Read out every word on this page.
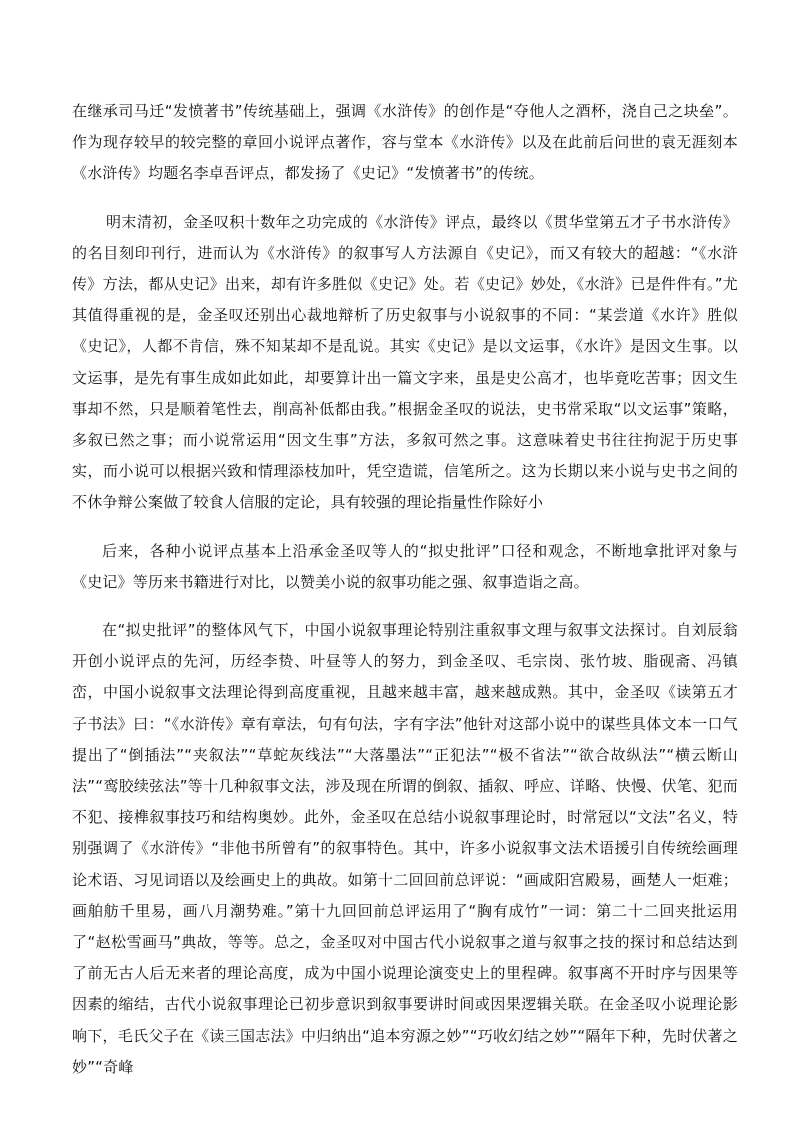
在继承司马迁“发愤著书”传统基础上，强调《水浒传》的创作是“夺他人之酒杯，浇自己之块垒”。作为现存较早的较完整的章回小说评点著作，容与堂本《水浒传》以及在此前后问世的袁无涯刻本《水浒传》均题名李卓吾评点，都发扬了《史记》“发愤著书”的传统。

明末清初，金圣叹积十数年之功完成的《水浒传》评点，最终以《贯华堂第五才子书水浒传》的名目刻印刊行，进而认为《水浒传》的叙事写人方法源自《史记》，而又有较大的超越：“《水浒传》方法，都从史记》出来，却有许多胜似《史记》处。若《史记》妙处，《水浒》已是件件有。”尤其值得重视的是，金圣叹还别出心裁地辩析了历史叙事与小说叙事的不同：“某尝道《水许》胜似《史记》，人都不肯信，殊不知某却不是乱说。其实《史记》是以文运事，《水许》是因文生事。以文运事，是先有事生成如此如此，却要算计出一篇文字来，虽是史公高才，也毕竟吃苦事；因文生事却不然，只是顺着笔性去，削高补低都由我。”根据金圣叹的说法，史书常采取“以文运事”策略，多叙已然之事；而小说常运用“因文生事”方法，多叙可然之事。这意味着史书往往拘泥于历史事实，而小说可以根据兴致和情理添枝加叶，凭空造谎，信笔所之。这为长期以来小说与史书之间的不休争辩公案做了较食人信服的定论，具有较强的理论指量性作除好小

后来，各种小说评点基本上沿承金圣叹等人的“拟史批评”口径和观念，不断地拿批评对象与《史记》等历来书籍进行对比，以赞美小说的叙事功能之强、叙事造诣之高。

在“拟史批评”的整体风气下，中国小说叙事理论特别注重叙事文理与叙事文法探讨。自刘辰翁开创小说评点的先河，历经李贽、叶昼等人的努力，到金圣叹、毛宗岗、张竹坡、脂砚斋、冯镇峦，中国小说叙事文法理论得到高度重视，且越来越丰富，越来越成熟。其中，金圣叹《读第五才子书法》曰：“《水浒传》章有章法，句有句法，字有字法”他针对这部小说中的谋些具体文本一口气提出了“倒插法”“夹叙法”“草蛇灰线法”“大落墨法”“正犯法”“极不省法”“欲合故纵法”“横云断山法”“鸾胶续弦法”等十几种叙事文法，涉及现在所谓的倒叙、插叙、呼应、详略、快慢、伏笔、犯而不犯、接榫叙事技巧和结构奥妙。此外，金圣叹在总结小说叙事理论时，时常冠以“文法”名义，特别强调了《水浒传》“非他书所曾有”的叙事特色。其中，许多小说叙事文法术语援引自传统绘画理论术语、习见词语以及绘画史上的典故。如第十二回回前总评说：“画咸阳宫殿易，画楚人一炬难；画舶舫千里易，画八月潮势难。”第十九回回前总评运用了“胸有成竹”一词：第二十二回夹批运用了“赵松雪画马”典故，等等。总之，金圣叹对中国古代小说叙事之道与叙事之技的探讨和总结达到了前无古人后无来者的理论高度，成为中国小说理论演变史上的里程碑。叙事离不开时序与因果等因素的缩结，古代小说叙事理论已初步意识到叙事要讲时间或因果逻辑关联。在金圣叹小说理论影响下，毛氏父子在《读三国志法》中归纳出“追本穷源之妙”“巧收幻结之妙”“隔年下种，先时伏著之妙”“奇峰
